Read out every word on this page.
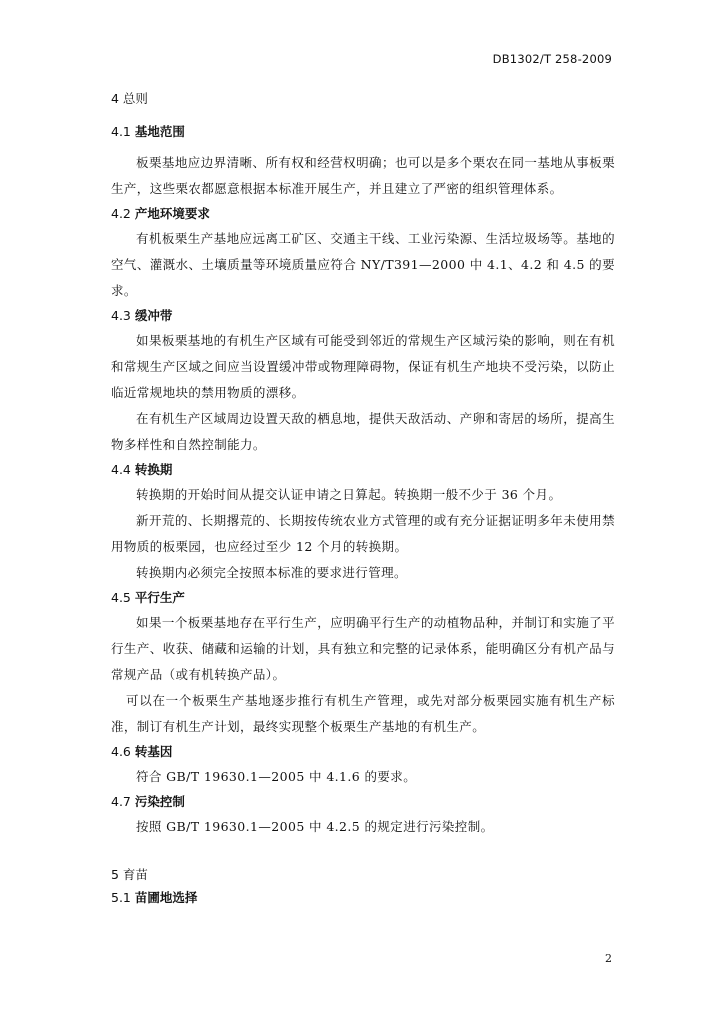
DB1302/T 258-2009
4 总则
4.1 基地范围

板栗基地应边界清晰、所有权和经营权明确；也可以是多个栗农在同一基地从事板栗生产，这些栗农都愿意根据本标准开展生产，并且建立了严密的组织管理体系。

4.2 产地环境要求

有机板栗生产基地应远离工矿区、交通主干线、工业污染源、生活垃圾场等。基地的空气、灌溉水、土壤质量等环境质量应符合 NY/T391—2000 中 4.1、4.2 和 4.5 的要求。

4.3 缓冲带

如果板栗基地的有机生产区域有可能受到邻近的常规生产区域污染的影响，则在有机和常规生产区域之间应当设置缓冲带或物理障碍物，保证有机生产地块不受污染，以防止临近常规地块的禁用物质的漂移。

在有机生产区域周边设置天敌的栖息地，提供天敌活动、产卵和寄居的场所，提高生物多样性和自然控制能力。

4.4 转换期

转换期的开始时间从提交认证申请之日算起。转换期一般不少于 36 个月。

新开荒的、长期撂荒的、长期按传统农业方式管理的或有充分证据证明多年未使用禁用物质的板栗园，也应经过至少 12 个月的转换期。

转换期内必须完全按照本标准的要求进行管理。

4.5 平行生产

如果一个板栗基地存在平行生产，应明确平行生产的动植物品种，并制订和实施了平行生产、收获、储藏和运输的计划，具有独立和完整的记录体系，能明确区分有机产品与常规产品（或有机转换产品）。

可以在一个板栗生产基地逐步推行有机生产管理，或先对部分板栗园实施有机生产标准，制订有机生产计划，最终实现整个板栗生产基地的有机生产。

4.6 转基因

符合 GB/T 19630.1—2005 中 4.1.6 的要求。

4.7 污染控制

按照 GB/T 19630.1—2005 中 4.2.5 的规定进行污染控制。

5 育苗
5.1 苗圃地选择
2
